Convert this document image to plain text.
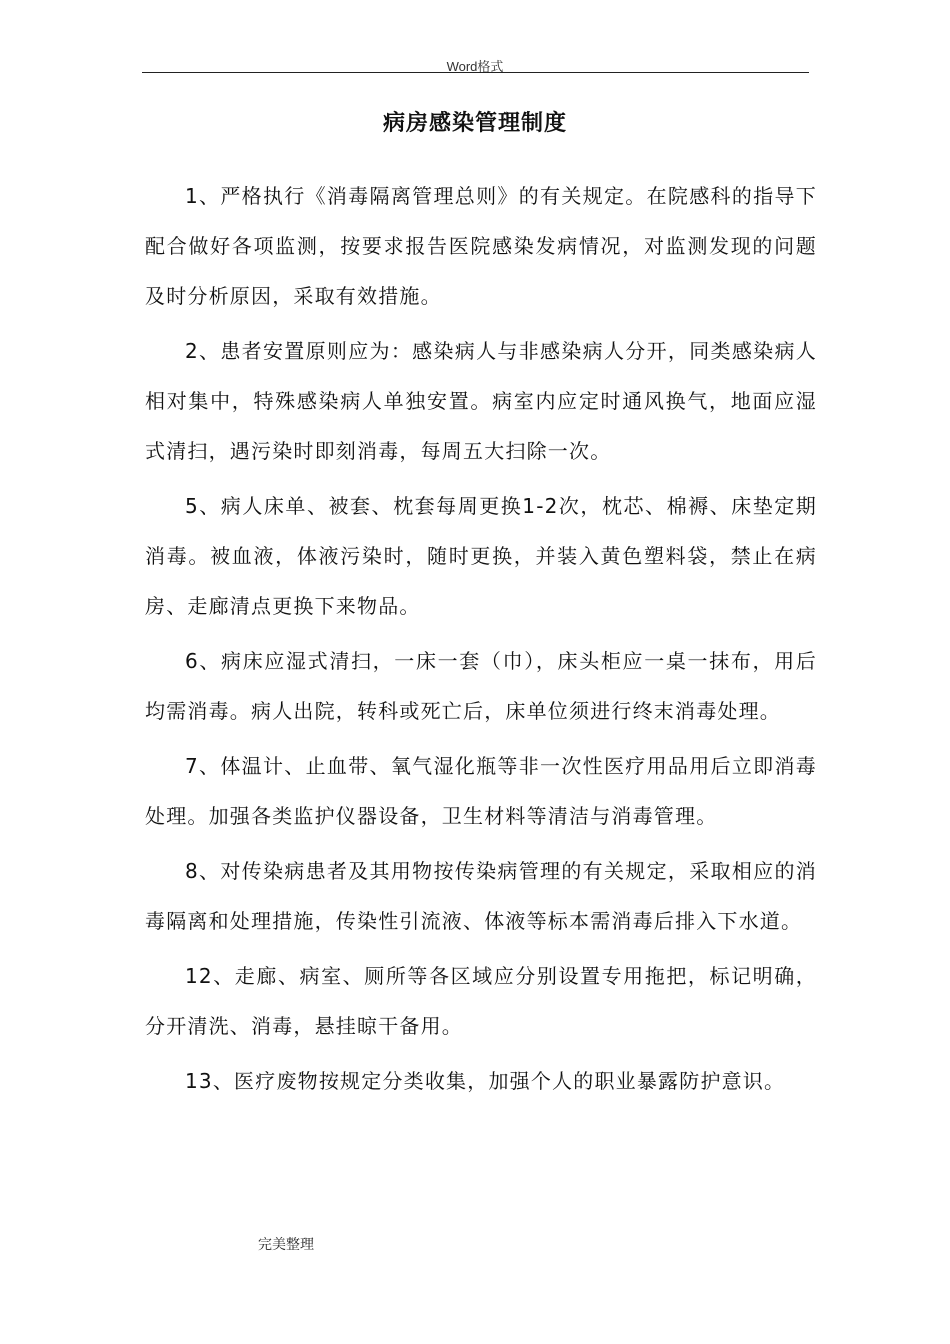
Word格式
病房感染管理制度

1、严格执行《消毒隔离管理总则》的有关规定。在院感科的指导下配合做好各项监测，按要求报告医院感染发病情况，对监测发现的问题及时分析原因，采取有效措施。

2、患者安置原则应为：感染病人与非感染病人分开，同类感染病人相对集中，特殊感染病人单独安置。病室内应定时通风换气，地面应湿式清扫，遇污染时即刻消毒，每周五大扫除一次。

5、病人床单、被套、枕套每周更换1-2次，枕芯、棉褥、床垫定期消毒。被血液，体液污染时，随时更换，并装入黄色塑料袋，禁止在病房、走廊清点更换下来物品。

6、病床应湿式清扫，一床一套（巾），床头柜应一桌一抹布，用后均需消毒。病人出院，转科或死亡后，床单位须进行终末消毒处理。

7、体温计、止血带、氧气湿化瓶等非一次性医疗用品用后立即消毒处理。加强各类监护仪器设备，卫生材料等清洁与消毒管理。

8、对传染病患者及其用物按传染病管理的有关规定，采取相应的消毒隔离和处理措施，传染性引流液、体液等标本需消毒后排入下水道。

12、走廊、病室、厕所等各区域应分别设置专用拖把，标记明确，分开清洗、消毒，悬挂晾干备用。

13、医疗废物按规定分类收集，加强个人的职业暴露防护意识。

完美整理
